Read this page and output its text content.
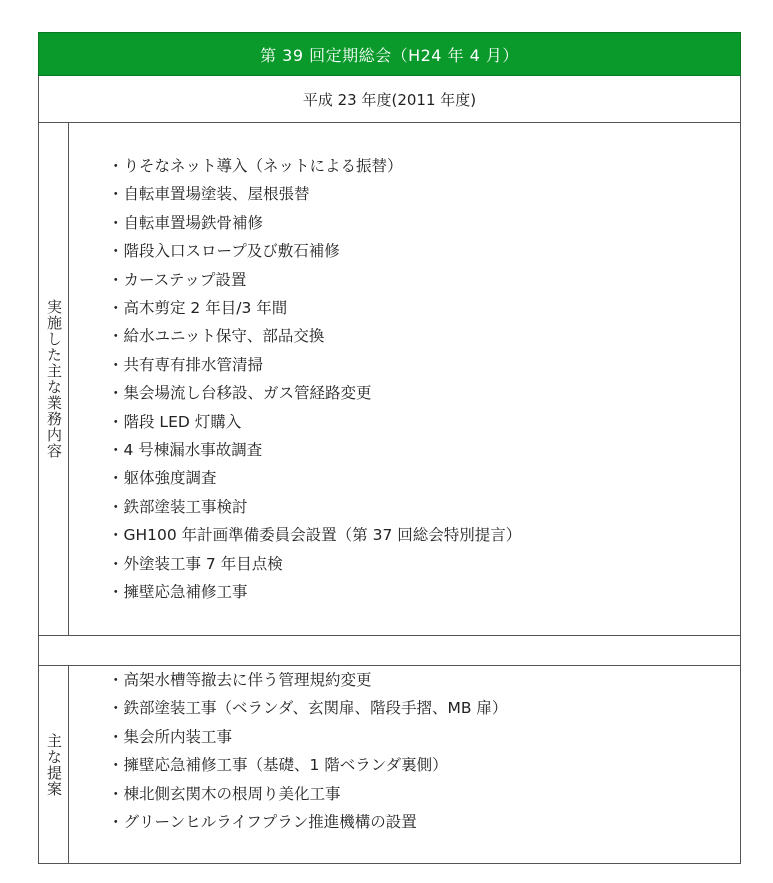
第 39 回定期総会（H24 年 4 月）
平成 23 年度(2011 年度)
実施した主な業務内容
・りそなネット導入（ネットによる振替）
・自転車置場塗装、屋根張替
・自転車置場鉄骨補修
・階段入口スロープ及び敷石補修
・カーステップ設置
・高木剪定 2 年目/3 年間
・給水ユニット保守、部品交換
・共有専有排水管清掃
・集会場流し台移設、ガス管経路変更
・階段 LED 灯購入
・4 号棟漏水事故調査
・躯体強度調査
・鉄部塗装工事検討
・GH100 年計画準備委員会設置（第 37 回総会特別提言）
・外塗装工事 7 年目点検
・擁壁応急補修工事
主な提案
・高架水槽等撤去に伴う管理規約変更
・鉄部塗装工事（ベランダ、玄関扉、階段手摺、MB 扉）
・集会所内装工事
・擁壁応急補修工事（基礎、1 階ベランダ裏側）
・棟北側玄関木の根周り美化工事
・グリーンヒルライフプラン推進機構の設置
